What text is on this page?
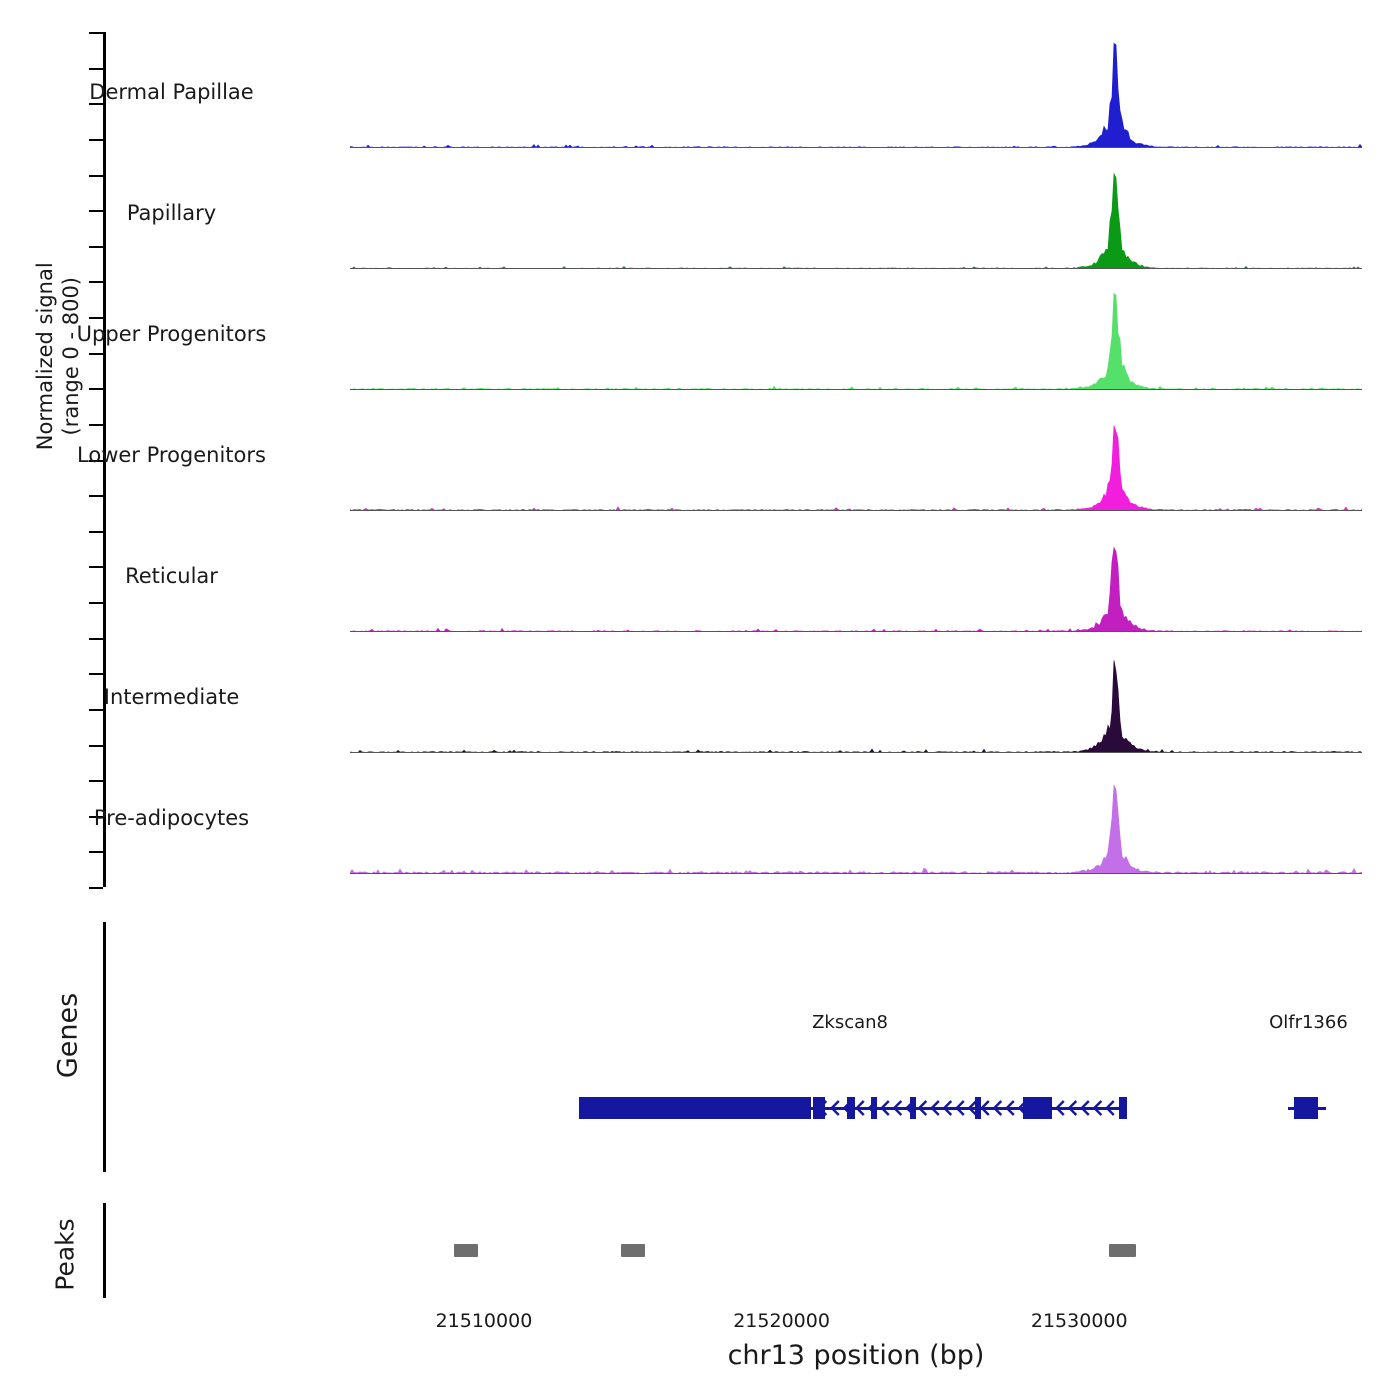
Normalized signal (range 0 - 800)
Genes
Peaks
Zkscan8	Olfr1366
21510000	21520000	21530000
chr13 position (bp)
Dermal Papillae
Papillary
Upper Progenitors
Lower Progenitors
Reticular
Intermediate
Pre-adipocytes
